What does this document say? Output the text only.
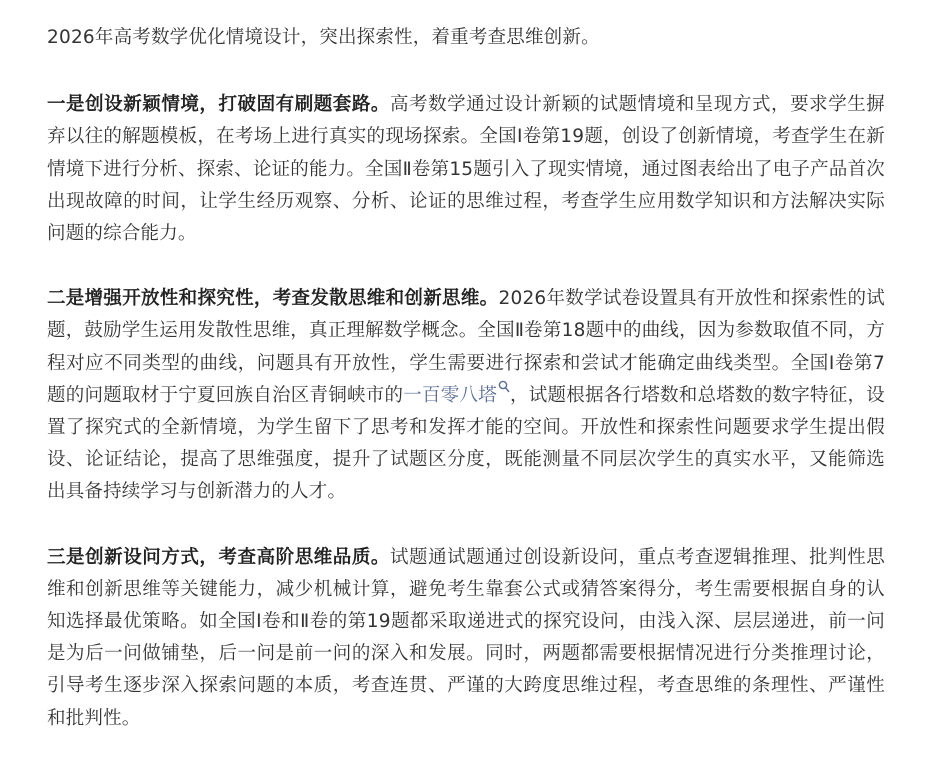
2026年高考数学优化情境设计，突出探索性，着重考查思维创新。

一是创设新颖情境，打破固有刷题套路。高考数学通过设计新颖的试题情境和呈现方式，要求学生摒弃以往的解题模板，在考场上进行真实的现场探索。全国Ⅰ卷第19题，创设了创新情境，考查学生在新情境下进行分析、探索、论证的能力。全国Ⅱ卷第15题引入了现实情境，通过图表给出了电子产品首次出现故障的时间，让学生经历观察、分析、论证的思维过程，考查学生应用数学知识和方法解决实际问题的综合能力。

二是增强开放性和探究性，考查发散思维和创新思维。2026年数学试卷设置具有开放性和探索性的试题，鼓励学生运用发散性思维，真正理解数学概念。全国Ⅱ卷第18题中的曲线，因为参数取值不同，方程对应不同类型的曲线，问题具有开放性，学生需要进行探索和尝试才能确定曲线类型。全国Ⅰ卷第7题的问题取材于宁夏回族自治区青铜峡市的一百零八塔 ，试题根据各行塔数和总塔数的数字特征，设置了探究式的全新情境，为学生留下了思考和发挥才能的空间。开放性和探索性问题要求学生提出假设、论证结论，提高了思维强度，提升了试题区分度，既能测量不同层次学生的真实水平，又能筛选出具备持续学习与创新潜力的人才。

三是创新设问方式，考查高阶思维品质。试题通试题通过创设新设问，重点考查逻辑推理、批判性思维和创新思维等关键能力，减少机械计算，避免考生靠套公式或猜答案得分，考生需要根据自身的认知选择最优策略。如全国Ⅰ卷和Ⅱ卷的第19题都采取递进式的探究设问，由浅入深、层层递进，前一问是为后一问做铺垫，后一问是前一问的深入和发展。同时，两题都需要根据情况进行分类推理讨论，引导考生逐步深入探索问题的本质，考查连贯、严谨的大跨度思维过程，考查思维的条理性、严谨性和批判性。
